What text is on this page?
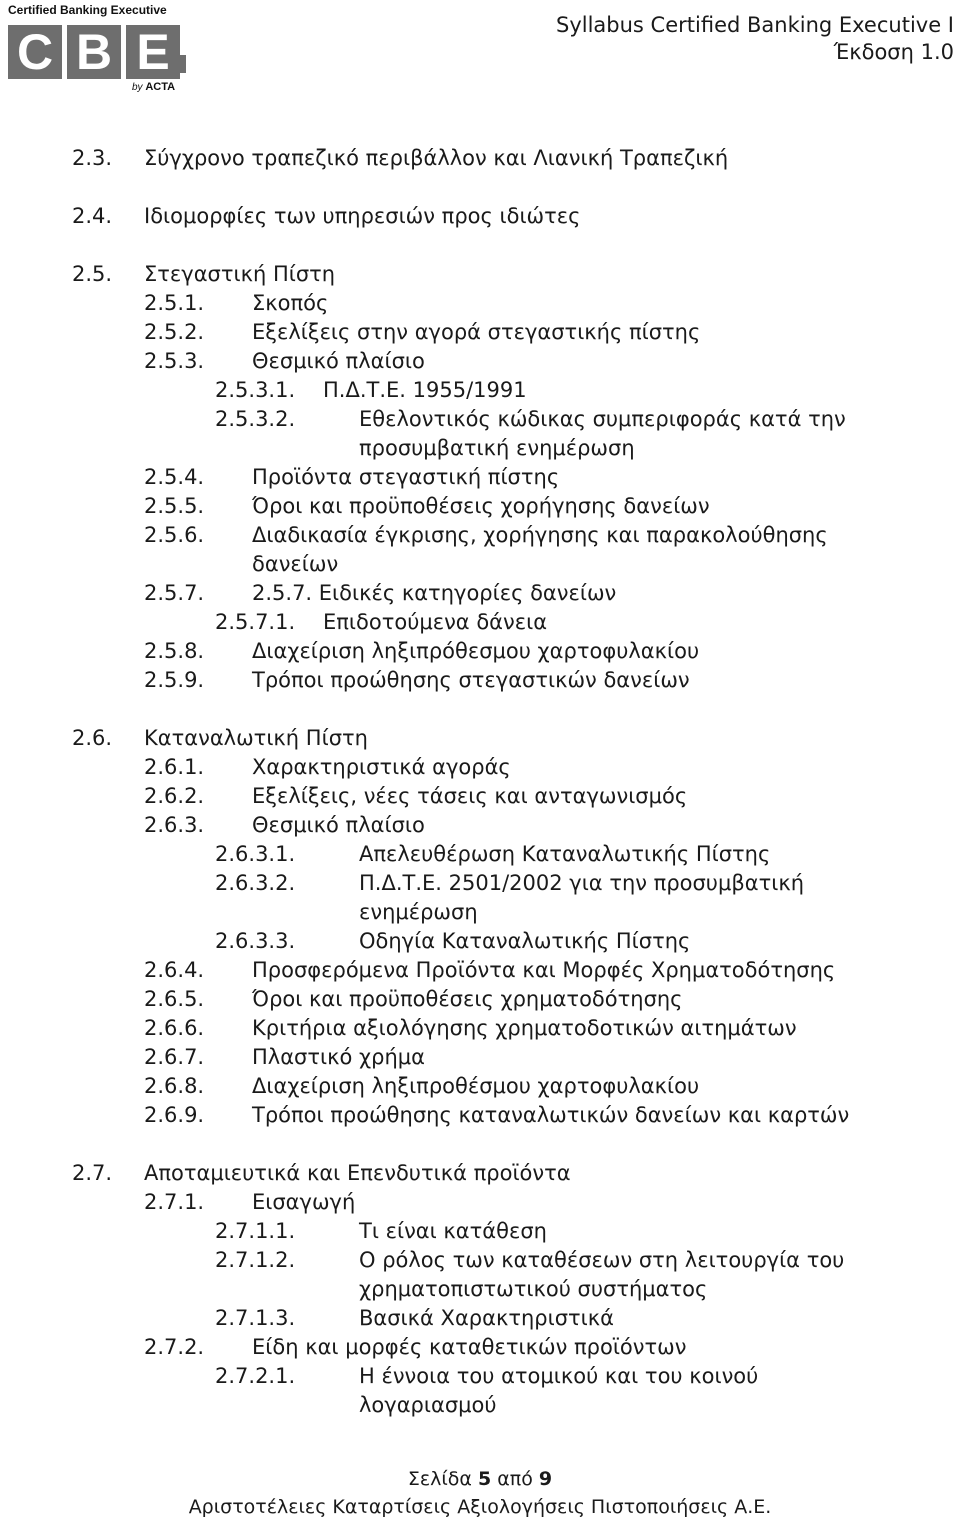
Certified Banking Executive
C B E
by ACTA
Syllabus Certified Banking Executive I
Έκδοση 1.0
2.3. Σύγχρονο τραπεζικό περιβάλλον και Λιανική Τραπεζική
2.4. Ιδιομορφίες των υπηρεσιών προς ιδιώτες
2.5. Στεγαστική Πίστη
2.5.1. Σκοπός
2.5.2. Εξελίξεις στην αγορά στεγαστικής πίστης
2.5.3. Θεσμικό πλαίσιο
2.5.3.1. Π.Δ.Τ.Ε. 1955/1991
2.5.3.2.	Εθελοντικός κώδικας συμπεριφοράς κατά την
προσυμβατική ενημέρωση
2.5.4. Προϊόντα στεγαστική πίστης
2.5.5. Όροι και προϋποθέσεις χορήγησης δανείων
2.5.6. Διαδικασία έγκρισης, χορήγησης και παρακολούθησης
δανείων
2.5.7. 2.5.7. Ειδικές κατηγορίες δανείων
2.5.7.1. Επιδοτούμενα δάνεια
2.5.8. Διαχείριση ληξιπρόθεσμου χαρτοφυλακίου
2.5.9. Τρόποι προώθησης στεγαστικών δανείων
2.6. Καταναλωτική Πίστη
2.6.1. Χαρακτηριστικά αγοράς
2.6.2. Εξελίξεις, νέες τάσεις και ανταγωνισμός
2.6.3. Θεσμικό πλαίσιο
2.6.3.1.	Απελευθέρωση Καταναλωτικής Πίστης
2.6.3.2.	Π.Δ.Τ.Ε. 2501/2002 για την προσυμβατική
ενημέρωση
2.6.3.3.	Οδηγία Καταναλωτικής Πίστης
2.6.4. Προσφερόμενα Προϊόντα και Μορφές Χρηματοδότησης
2.6.5. Όροι και προϋποθέσεις χρηματοδότησης
2.6.6. Κριτήρια αξιολόγησης χρηματοδοτικών αιτημάτων
2.6.7. Πλαστικό χρήμα
2.6.8. Διαχείριση ληξιπροθέσμου χαρτοφυλακίου
2.6.9. Τρόποι προώθησης καταναλωτικών δανείων και καρτών
2.7. Αποταμιευτικά και Επενδυτικά προϊόντα
2.7.1. Εισαγωγή
2.7.1.1.	Τι είναι κατάθεση
2.7.1.2.	Ο ρόλος των καταθέσεων στη λειτουργία του
χρηματοπιστωτικού συστήματος
2.7.1.3.	Βασικά Χαρακτηριστικά
2.7.2. Είδη και μορφές καταθετικών προϊόντων
2.7.2.1.	Η έννοια του ατομικού και του κοινού
λογαριασμού
Σελίδα 5 από 9
Αριστοτέλειες Καταρτίσεις Αξιολογήσεις Πιστοποιήσεις Α.Ε.
